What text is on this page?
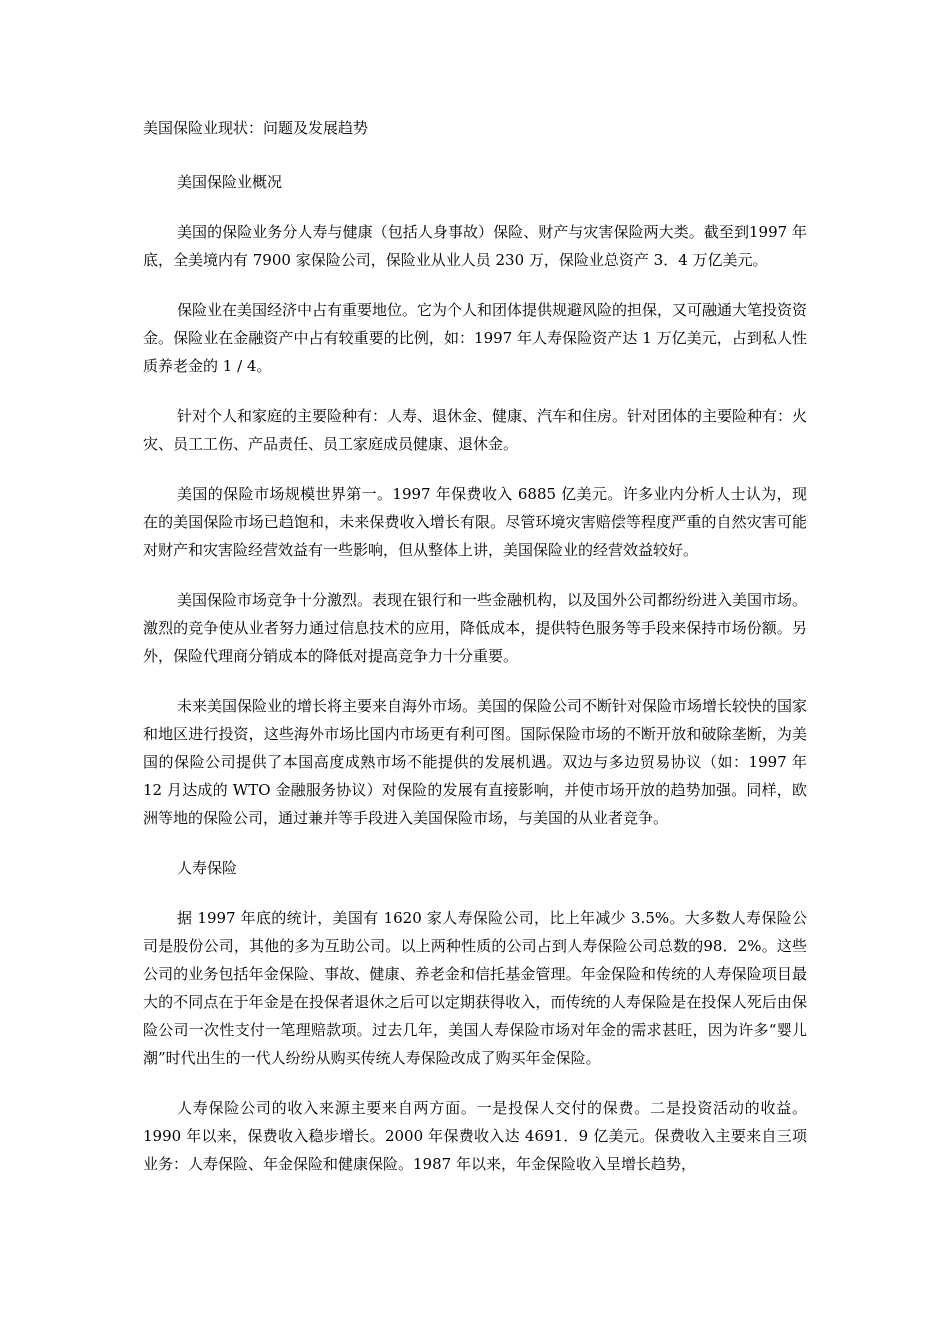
美国保险业现状：问题及发展趋势

美国保险业概况

美国的保险业务分人寿与健康（包括人身事故）保险、财产与灾害保险两大类。截至到1997 年底，全美境内有 7900 家保险公司，保险业从业人员 230 万，保险业总资产 3．4 万亿美元。

保险业在美国经济中占有重要地位。它为个人和团体提供规避风险的担保，又可融通大笔投资资金。保险业在金融资产中占有较重要的比例，如：1997 年人寿保险资产达 1 万亿美元，占到私人性质养老金的 1 / 4。

针对个人和家庭的主要险种有：人寿、退休金、健康、汽车和住房。针对团体的主要险种有：火灾、员工工伤、产品责任、员工家庭成员健康、退休金。

美国的保险市场规模世界第一。1997 年保费收入 6885 亿美元。许多业内分析人士认为，现在的美国保险市场已趋饱和，未来保费收入增长有限。尽管环境灾害赔偿等程度严重的自然灾害可能对财产和灾害险经营效益有一些影响，但从整体上讲，美国保险业的经营效益较好。

美国保险市场竞争十分激烈。表现在银行和一些金融机构，以及国外公司都纷纷进入美国市场。激烈的竞争使从业者努力通过信息技术的应用，降低成本，提供特色服务等手段来保持市场份额。另外，保险代理商分销成本的降低对提高竞争力十分重要。

未来美国保险业的增长将主要来自海外市场。美国的保险公司不断针对保险市场增长较快的国家和地区进行投资，这些海外市场比国内市场更有利可图。国际保险市场的不断开放和破除垄断，为美国的保险公司提供了本国高度成熟市场不能提供的发展机遇。双边与多边贸易协议（如：1997 年 12 月达成的 WTO 金融服务协议）对保险的发展有直接影响，并使市场开放的趋势加强。同样，欧洲等地的保险公司，通过兼并等手段进入美国保险市场，与美国的从业者竞争。

人寿保险

据 1997 年底的统计，美国有 1620 家人寿保险公司，比上年减少 3.5%。大多数人寿保险公司是股份公司，其他的多为互助公司。以上两种性质的公司占到人寿保险公司总数的98．2%。这些公司的业务包括年金保险、事故、健康、养老金和信托基金管理。年金保险和传统的人寿保险项目最大的不同点在于年金是在投保者退休之后可以定期获得收入，而传统的人寿保险是在投保人死后由保险公司一次性支付一笔理赔款项。过去几年，美国人寿保险市场对年金的需求甚旺，因为许多“婴儿潮”时代出生的一代人纷纷从购买传统人寿保险改成了购买年金保险。

人寿保险公司的收入来源主要来自两方面。一是投保人交付的保费。二是投资活动的收益。1990 年以来，保费收入稳步增长。2000 年保费收入达 4691．9 亿美元。保费收入主要来自三项业务：人寿保险、年金保险和健康保险。1987 年以来，年金保险收入呈增长趋势，
